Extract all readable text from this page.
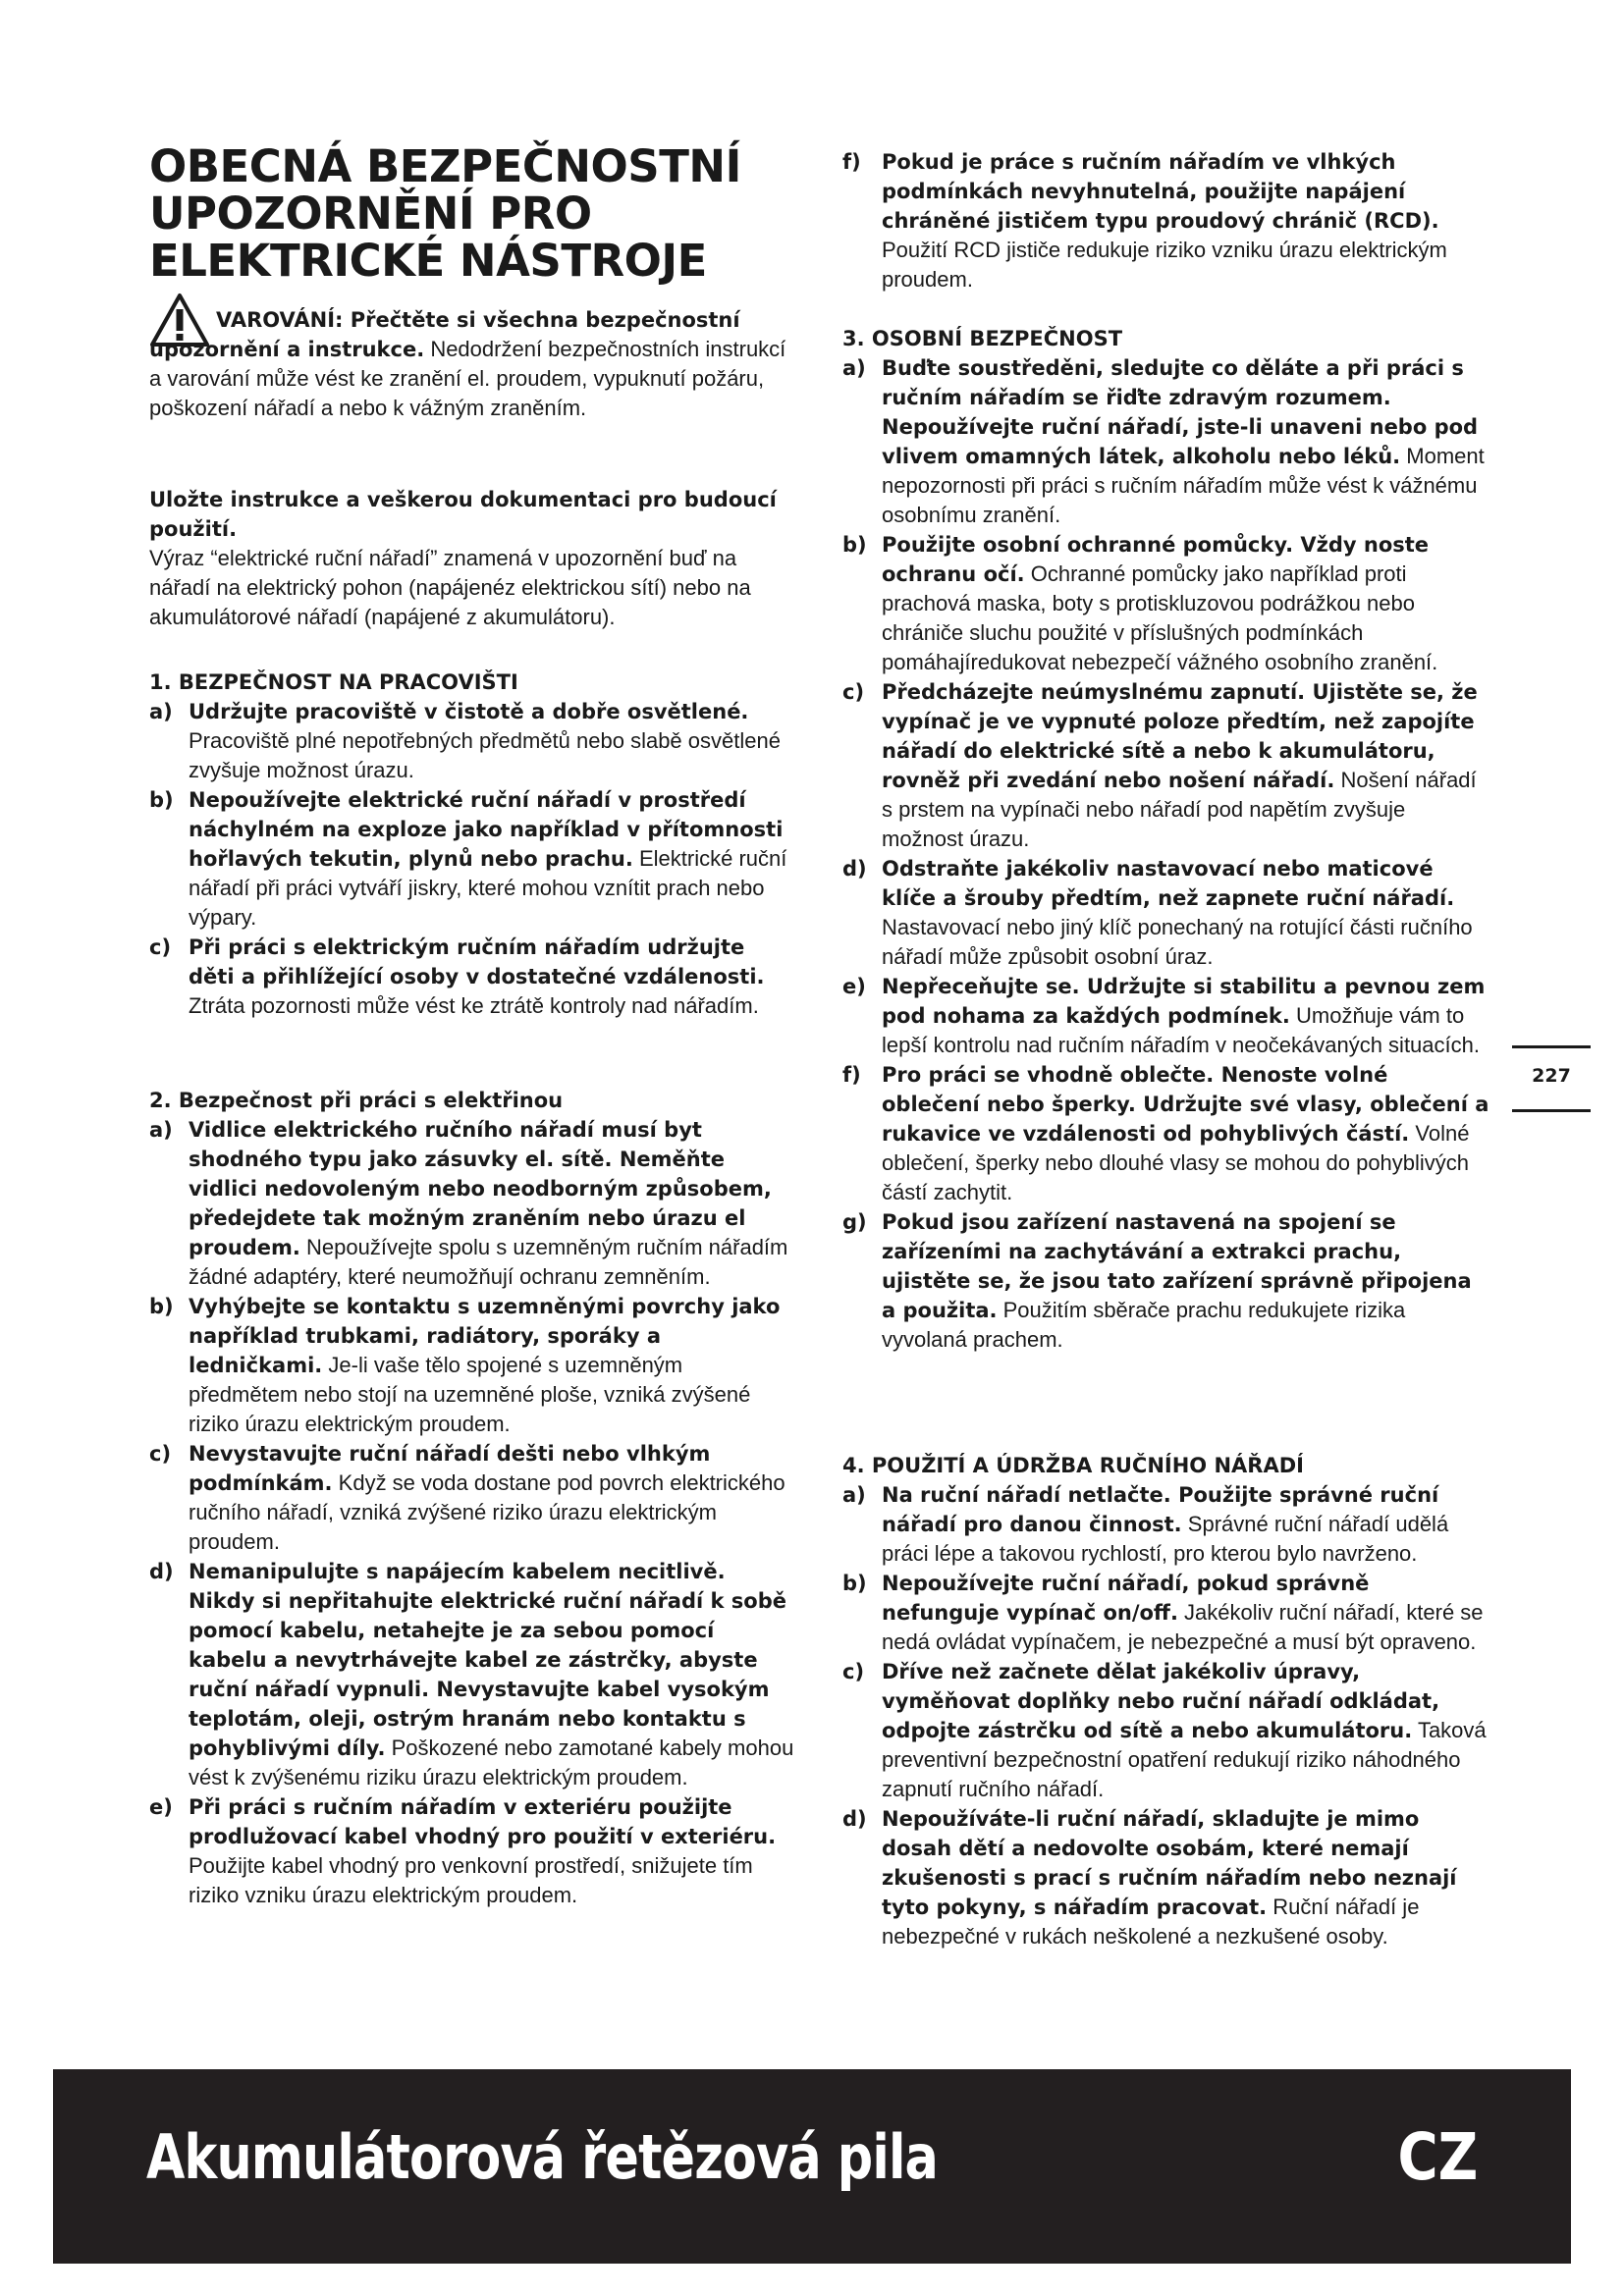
OBECNÁ BEZPEČNOSTNÍ
UPOZORNĚNÍ PRO
ELEKTRICKÉ NÁSTROJE

VAROVÁNÍ: Přečtěte si všechna bezpečnostní upozornění a instrukce. Nedodržení bezpečnostních instrukcí a varování může vést ke zranění el. proudem, vypuknutí požáru, poškození nářadí a nebo k vážným zraněním.

Uložte instrukce a veškerou dokumentaci pro budoucí použití.
Výraz “elektrické ruční nářadí” znamená v upozornění buď na nářadí na elektrický pohon (napájenéz elektrickou sítí) nebo na akumulátorové nářadí (napájené z akumulátoru).

1. BEZPEČNOST NA PRACOVIŠTI

a) Udržujte pracoviště v čistotě a dobře osvětlené. Pracoviště plné nepotřebných předmětů nebo slabě osvětlené zvyšuje možnost úrazu.

b) Nepoužívejte elektrické ruční nářadí v prostředí náchylném na exploze jako například v přítomnosti hořlavých tekutin, plynů nebo prachu. Elektrické ruční nářadí při práci vytváří jiskry, které mohou vznítit prach nebo výpary.

c) Při práci s elektrickým ručním nářadím udržujte děti a přihlížející osoby v dostatečné vzdálenosti. Ztráta pozornosti může vést ke ztrátě kontroly nad nářadím.

2. Bezpečnost při práci s elektřinou

a) Vidlice elektrického ručního nářadí musí byt shodného typu jako zásuvky el. sítě. Neměňte vidlici nedovoleným nebo neodborným způsobem, předejdete tak možným zraněním nebo úrazu el proudem. Nepoužívejte spolu s uzemněným ručním nářadím žádné adaptéry, které neumožňují ochranu zemněním.

b) Vyhýbejte se kontaktu s uzemněnými povrchy jako například trubkami, radiátory, sporáky a ledničkami. Je-li vaše tělo spojené s uzemněným předmětem nebo stojí na uzemněné ploše, vzniká zvýšené riziko úrazu elektrickým proudem.

c) Nevystavujte ruční nářadí dešti nebo vlhkým podmínkám. Když se voda dostane pod povrch elektrického ručního nářadí, vzniká zvýšené riziko úrazu elektrickým proudem.

d) Nemanipulujte s napájecím kabelem necitlivě. Nikdy si nepřitahujte elektrické ruční nářadí k sobě pomocí kabelu, netahejte je za sebou pomocí kabelu a nevytrhávejte kabel ze zástrčky, abyste ruční nářadí vypnuli. Nevystavujte kabel vysokým teplotám, oleji, ostrým hranám nebo kontaktu s pohyblivými díly. Poškozené nebo zamotané kabely mohou vést k zvýšenému riziku úrazu elektrickým proudem.

e) Při práci s ručním nářadím v exteriéru použijte prodlužovací kabel vhodný pro použití v exteriéru. Použijte kabel vhodný pro venkovní prostředí, snižujete tím riziko vzniku úrazu elektrickým proudem.

f) Pokud je práce s ručním nářadím ve vlhkých podmínkách nevyhnutelná, použijte napájení chráněné jističem typu proudový chránič (RCD). Použití RCD jističe redukuje riziko vzniku úrazu elektrickým proudem.

3. OSOBNÍ BEZPEČNOST

a) Buďte soustředěni, sledujte co děláte a při práci s ručním nářadím se řiďte zdravým rozumem. Nepoužívejte ruční nářadí, jste-li unaveni nebo pod vlivem omamných látek, alkoholu nebo léků. Moment nepozornosti při práci s ručním nářadím může vést k vážnému osobnímu zranění.

b) Použijte osobní ochranné pomůcky. Vždy noste ochranu očí. Ochranné pomůcky jako například proti prachová maska, boty s protiskluzovou podrážkou nebo chrániče sluchu použité v příslušných podmínkách pomáhajíredukovat nebezpečí vážného osobního zranění.

c) Předcházejte neúmyslnému zapnutí. Ujistěte se, že vypínač je ve vypnuté poloze předtím, než zapojíte nářadí do elektrické sítě a nebo k akumulátoru, rovněž při zvedání nebo nošení nářadí. Nošení nářadí s prstem na vypínači nebo nářadí pod napětím zvyšuje možnost úrazu.

d) Odstraňte jakékoliv nastavovací nebo maticové klíče a šrouby předtím, než zapnete ruční nářadí. Nastavovací nebo jiný klíč ponechaný na rotující části ručního nářadí může způsobit osobní úraz.

e) Nepřeceňujte se. Udržujte si stabilitu a pevnou zem pod nohama za každých podmínek. Umožňuje vám to lepší kontrolu nad ručním nářadím v neočekávaných situacích.

f) Pro práci se vhodně oblečte. Nenoste volné oblečení nebo šperky. Udržujte své vlasy, oblečení a rukavice ve vzdálenosti od pohyblivých částí. Volné oblečení, šperky nebo dlouhé vlasy se mohou do pohyblivých částí zachytit.

g) Pokud jsou zařízení nastavená na spojení se zařízeními na zachytávání a extrakci prachu, ujistěte se, že jsou tato zařízení správně připojena a použita. Použitím sběrače prachu redukujete rizika vyvolaná prachem.

4. POUŽITÍ A ÚDRŽBA RUČNÍHO NÁŘADÍ

a) Na ruční nářadí netlačte. Použijte správné ruční nářadí pro danou činnost. Správné ruční nářadí udělá práci lépe a takovou rychlostí, pro kterou bylo navrženo.

b) Nepoužívejte ruční nářadí, pokud správně nefunguje vypínač on/off. Jakékoliv ruční nářadí, které se nedá ovládat vypínačem, je nebezpečné a musí být opraveno.

c) Dříve než začnete dělat jakékoliv úpravy, vyměňovat doplňky nebo ruční nářadí odkládat, odpojte zástrčku od sítě a nebo akumulátoru. Taková preventivní bezpečnostní opatření redukují riziko náhodného zapnutí ručního nářadí.

d) Nepoužíváte-li ruční nářadí, skladujte je mimo dosah dětí a nedovolte osobám, které nemají zkušenosti s prací s ručním nářadím nebo neznají tyto pokyny, s nářadím pracovat. Ruční nářadí je nebezpečné v rukách neškolené a nezkušené osoby.

227
Akumulátorová řetězová pila	CZ
